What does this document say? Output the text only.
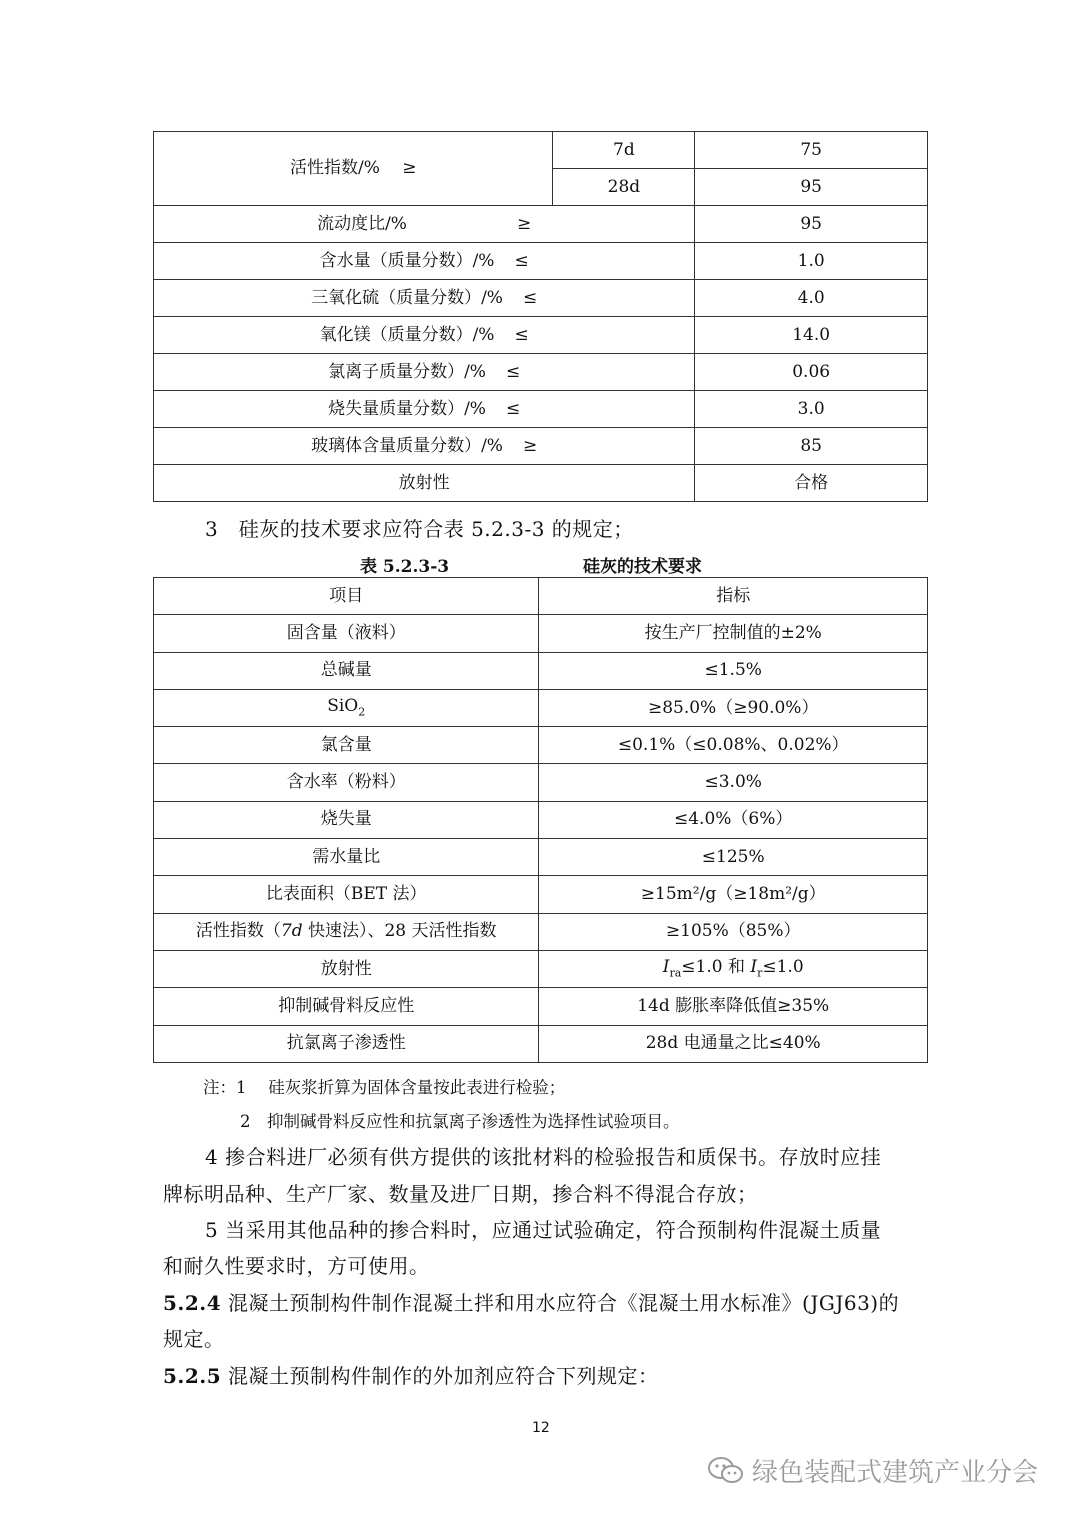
活性指数/%　 ≥	7d	75
	28d	95
流动度比/% ≥		95
含水量（质量分数）/% ≤		1.0
三氧化硫（质量分数）/% ≤		4.0
氧化镁（质量分数）/% ≤		14.0
氯离子质量分数）/% ≤		0.06
烧失量质量分数）/% ≤		3.0
玻璃体含量质量分数）/% ≥		85
放射性		合格
3　硅灰的技术要求应符合表 5.2.3-3 的规定；
表 5.2.3-3	硅灰的技术要求
项目	指标
固含量（液料）	按生产厂控制值的±2%
总碱量	≤1.5%
SiO$_2$	≥85.0%（≥90.0%）
氯含量	≤0.1%（≤0.08%、0.02%）
含水率（粉料）	≤3.0%
烧失量	≤4.0%（6%）
需水量比	≤125%
比表面积（BET 法）	≥15m²/g（≥18m²/g）
活性指数（7d 快速法）、28 天活性指数	≥105%（85%）
放射性	$I_{ra}\le 1.0$ 和 $I_r\le 1.0$
抑制碱骨料反应性	14d 膨胀率降低值≥35%
抗氯离子渗透性	28d 电通量之比≤40%
注：1　 硅灰浆折算为固体含量按此表进行检验；
2　抑制碱骨料反应性和抗氯离子渗透性为选择性试验项目。
4 掺合料进厂必须有供方提供的该批材料的检验报告和质保书。存放时应挂
牌标明品种、生产厂家、数量及进厂日期，掺合料不得混合存放；
5 当采用其他品种的掺合料时，应通过试验确定，符合预制构件混凝土质量
和耐久性要求时，方可使用。
5.2.4 混凝土预制构件制作混凝土拌和用水应符合《混凝土用水标准》(JGJ63)的
规定。
5.2.5 混凝土预制构件制作的外加剂应符合下列规定：
12
绿色装配式建筑产业分会
